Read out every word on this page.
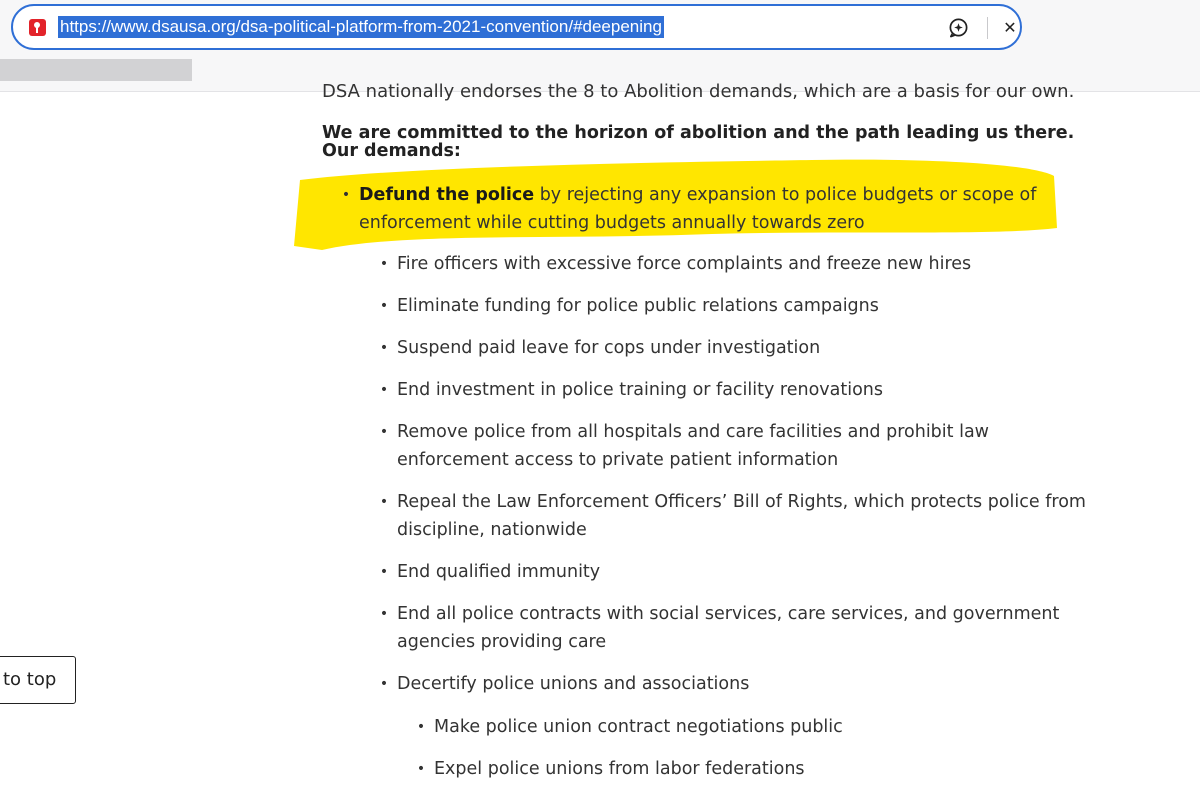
https://www.dsausa.org/dsa-political-platform-from-2021-convention/#deepening	✕

DSA nationally endorses the 8 to Abolition demands, which are a basis for our own.

We are committed to the horizon of abolition and the path leading us there. Our demands:

• Defund the police by rejecting any expansion to police budgets or scope of enforcement while cutting budgets annually towards zero
• Fire officers with excessive force complaints and freeze new hires
• Eliminate funding for police public relations campaigns
• Suspend paid leave for cops under investigation
• End investment in police training or facility renovations
• Remove police from all hospitals and care facilities and prohibit law enforcement access to private patient information
• Repeal the Law Enforcement Officers’ Bill of Rights, which protects police from discipline, nationwide
• End qualified immunity
• End all police contracts with social services, care services, and government agencies providing care
• Decertify police unions and associations
• Make police union contract negotiations public
• Expel police unions from labor federations
to top
